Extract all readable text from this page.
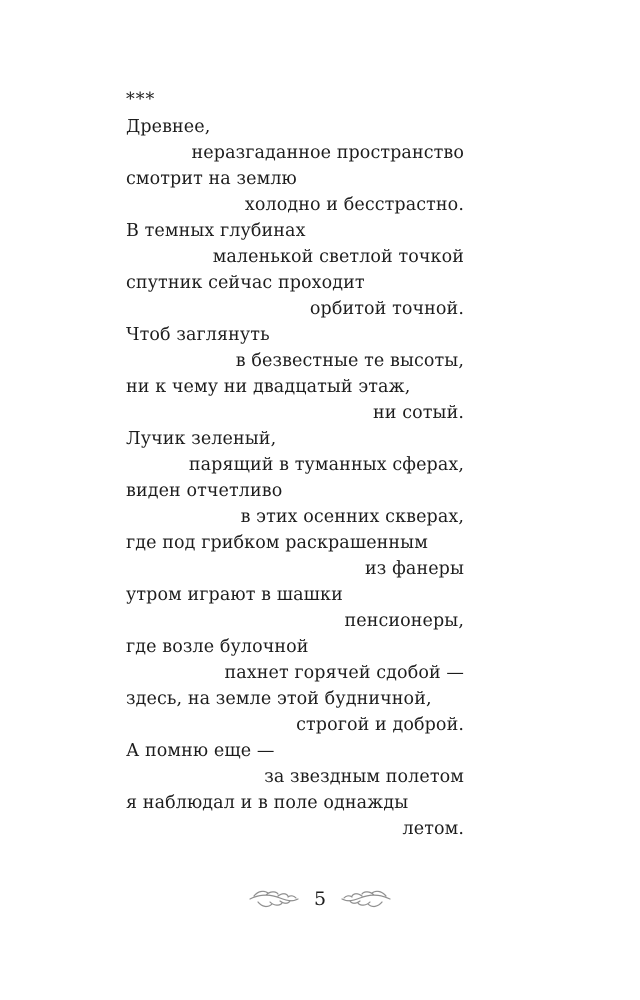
***
Древнее,
неразгаданное пространство
смотрит на землю
холодно и бесстрастно.
В темных глубинах
маленькой светлой точкой
спутник сейчас проходит
орбитой точной.
Чтоб заглянуть
в безвестные те высоты,
ни к чему ни двадцатый этаж,
ни сотый.
Лучик зеленый,
парящий в туманных сферах,
виден отчетливо
в этих осенних скверах,
где под грибком раскрашенным
из фанеры
утром играют в шашки
пенсионеры,
где возле булочной
пахнет горячей сдобой —
здесь, на земле этой будничной,
строгой и доброй.
А помню еще —
за звездным полетом
я наблюдал и в поле однажды
летом.
5
